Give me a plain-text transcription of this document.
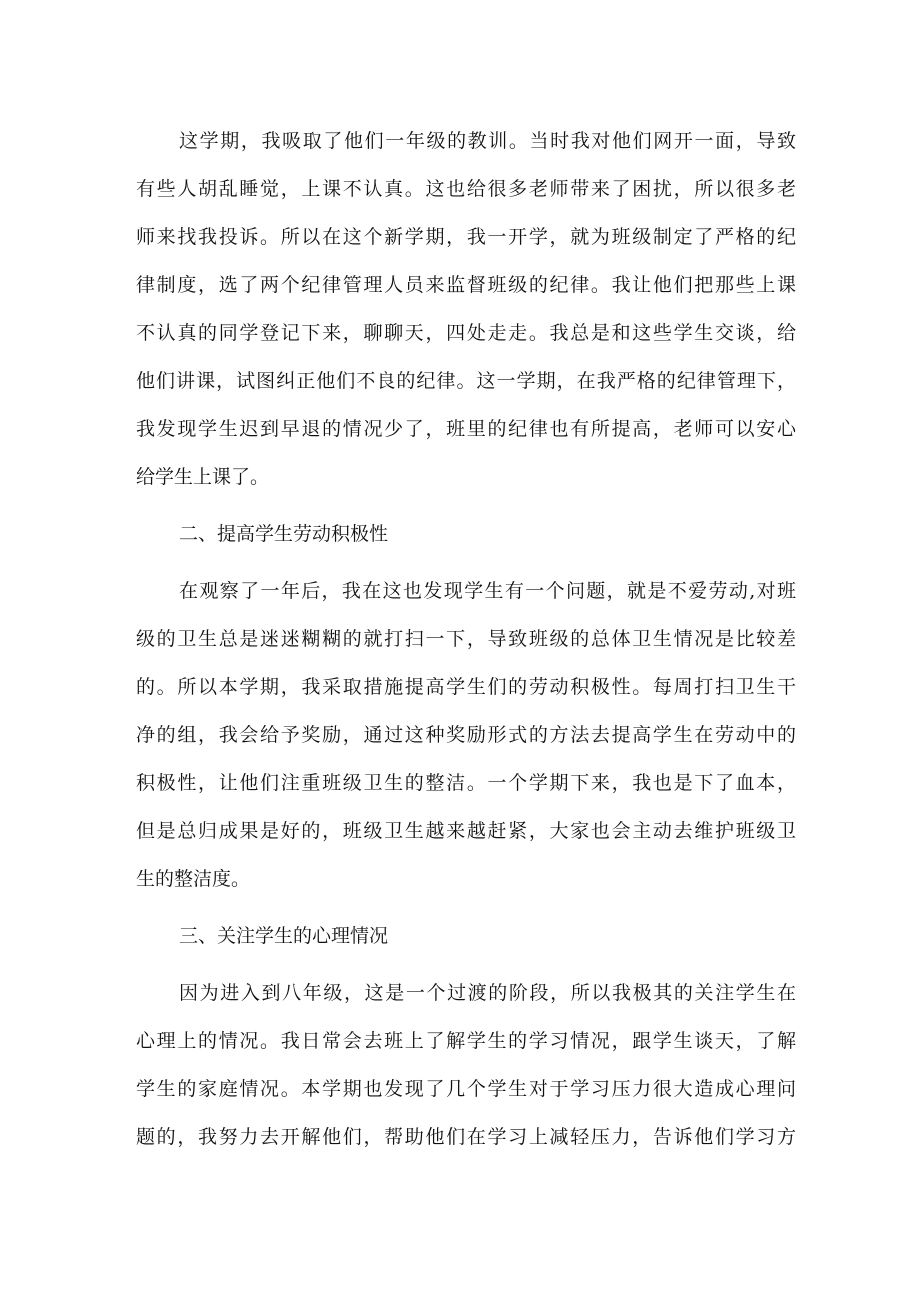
这学期，我吸取了他们一年级的教训。当时我对他们网开一面，导致
有些人胡乱睡觉，上课不认真。这也给很多老师带来了困扰，所以很多老
师来找我投诉。所以在这个新学期，我一开学，就为班级制定了严格的纪
律制度，选了两个纪律管理人员来监督班级的纪律。我让他们把那些上课
不认真的同学登记下来，聊聊天，四处走走。我总是和这些学生交谈，给
他们讲课，试图纠正他们不良的纪律。这一学期，在我严格的纪律管理下，
我发现学生迟到早退的情况少了，班里的纪律也有所提高，老师可以安心
给学生上课了。
二、提高学生劳动积极性
在观察了一年后，我在这也发现学生有一个问题，就是不爱劳动,对班
级的卫生总是迷迷糊糊的就打扫一下，导致班级的总体卫生情况是比较差
的。所以本学期，我采取措施提高学生们的劳动积极性。每周打扫卫生干
净的组，我会给予奖励，通过这种奖励形式的方法去提高学生在劳动中的
积极性，让他们注重班级卫生的整洁。一个学期下来，我也是下了血本，
但是总归成果是好的，班级卫生越来越赶紧，大家也会主动去维护班级卫
生的整洁度。
三、关注学生的心理情况
因为进入到八年级，这是一个过渡的阶段，所以我极其的关注学生在
心理上的情况。我日常会去班上了解学生的学习情况，跟学生谈天，了解
学生的家庭情况。本学期也发现了几个学生对于学习压力很大造成心理问
题的，我努力去开解他们，帮助他们在学习上减轻压力，告诉他们学习方
